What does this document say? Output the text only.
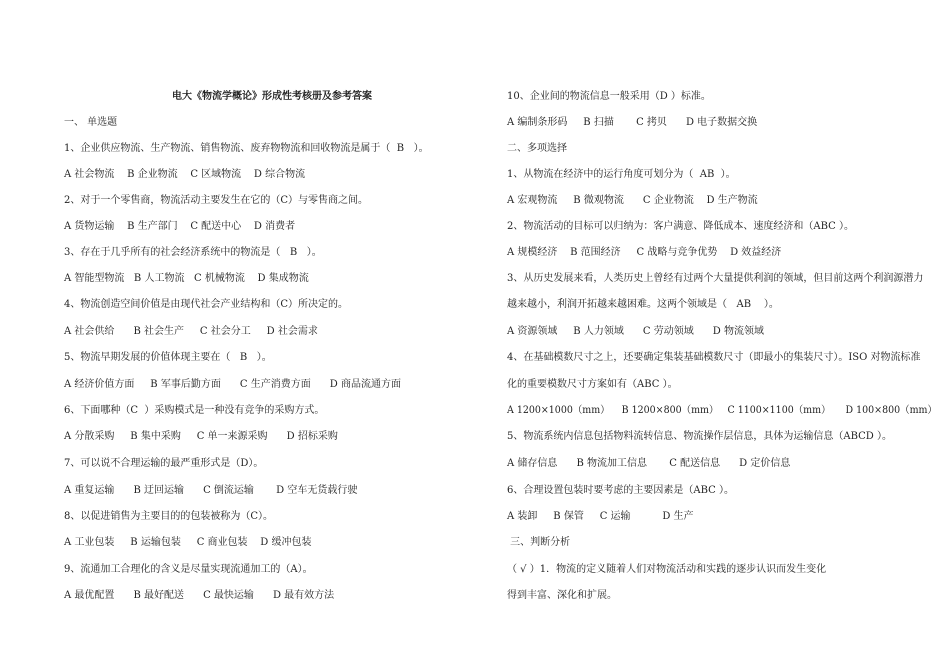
电大《物流学概论》形成性考核册及参考答案
一、 单选题
1、企业供应物流、生产物流、销售物流、废弃物物流和回收物流是属于（  B   ）。
A 社会物流    B 企业物流    C 区域物流    D 综合物流
2、对于一个零售商，物流活动主要发生在它的（C）与零售商之间。
A 货物运输    B 生产部门    C 配送中心    D 消费者
3、存在于几乎所有的社会经济系统中的物流是（   B   ）。
A 智能型物流   B 人工物流   C 机械物流    D 集成物流
4、物流创造空间价值是由现代社会产业结构和（C）所决定的。
A 社会供给      B 社会生产     C 社会分工     D 社会需求
5、物流早期发展的价值体现主要在（   B   ）。
A 经济价值方面     B 军事后勤方面      C 生产消费方面      D 商品流通方面
6、下面哪种（C  ）采购模式是一种没有竞争的采购方式。
A 分散采购     B 集中采购     C 单一来源采购      D 招标采购
7、可以说不合理运输的最严重形式是（D）。
A 重复运输      B 迂回运输      C 倒流运输       D 空车无货载行驶
8、以促进销售为主要目的的包装被称为（C）。
A 工业包装     B 运输包装     C 商业包装    D 缓冲包装
9、流通加工合理化的含义是尽量实现流通加工的（A）。
A 最优配置      B 最好配送      C 最快运输      D 最有效方法
10、企业间的物流信息一般采用（D ）标准。
A 编制条形码     B 扫描       C 拷贝      D 电子数据交换
二、多项选择
1、从物流在经济中的运行角度可划分为（  AB  ）。
A 宏观物流     B 微观物流      C 企业物流    D 生产物流
2、物流活动的目标可以归纳为：客户满意、降低成本、速度经济和（ABC ）。
A 规模经济    B 范围经济     C 战略与竞争优势    D 效益经济
3、从历史发展来看，人类历史上曾经有过两个大量提供利润的领域，但目前这两个利润源潜力
越来越小，利润开拓越来越困难。这两个领域是（   AB    ）。
A 资源领域     B 人力领域      C 劳动领域      D 物流领域
4、在基础模数尺寸之上，还要确定集装基础模数尺寸（即最小的集装尺寸）。ISO 对物流标准
化的重要模数尺寸方案如有（ABC ）。
A 1200×1000（mm）    B 1200×800（mm）   C 1100×1100（mm）     D 100×800（mm）
5、物流系统内信息包括物料流转信息、物流操作层信息，具体为运输信息（ABCD ）。
A 储存信息      B 物流加工信息       C 配送信息      D 定价信息
6、合理设置包装时要考虑的主要因素是（ABC ）。
A 装卸     B 保管     C 运输          D 生产
三、判断分析
（ √ ）1．物流的定义随着人们对物流活动和实践的逐步认识而发生变化
得到丰富、深化和扩展。
